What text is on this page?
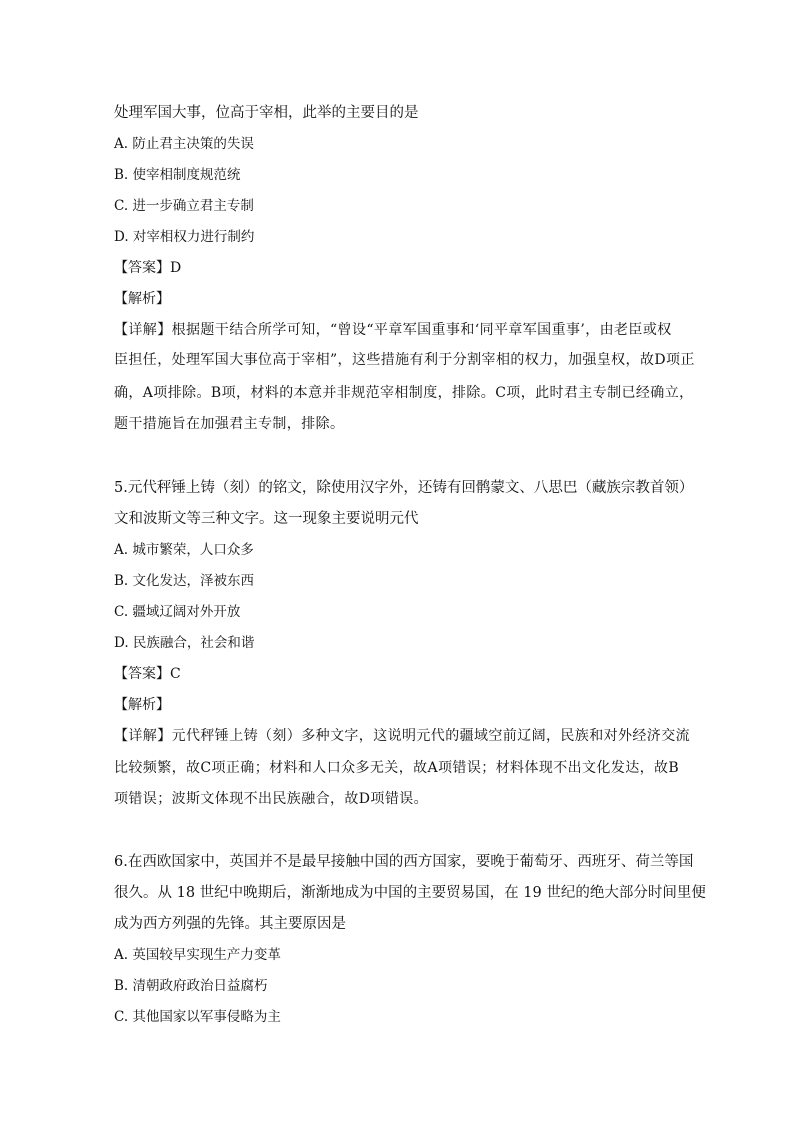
处理军国大事，位高于宰相，此举的主要目的是
A. 防止君主决策的失误
B. 使宰相制度规范统
C. 进一步确立君主专制
D. 对宰相权力进行制约
【答案】D
【解析】
【详解】根据题干结合所学可知，“曾设“平章军国重事和‘同平章军国重事’，由老臣或权
臣担任，处理军国大事位高于宰相”，这些措施有利于分割宰相的权力，加强皇权，故D项正
确，A项排除。B项，材料的本意并非规范宰相制度，排除。C项，此时君主专制已经确立，
题干措施旨在加强君主专制，排除。
5.元代秤锤上铸（刻）的铭文，除使用汉字外，还铸有回鹘蒙文、八思巴（藏族宗教首领）
文和波斯文等三种文字。这一现象主要说明元代
A. 城市繁荣，人口众多
B. 文化发达，泽被东西
C. 疆域辽阔对外开放
D. 民族融合，社会和谐
【答案】C
【解析】
【详解】元代秤锤上铸（刻）多种文字，这说明元代的疆域空前辽阔，民族和对外经济交流
比较频繁，故C项正确；材料和人口众多无关，故A项错误；材料体现不出文化发达，故B
项错误；波斯文体现不出民族融合，故D项错误。
6.在西欧国家中，英国并不是最早接触中国的西方国家，要晚于葡萄牙、西班牙、荷兰等国
很久。从 18 世纪中晚期后，渐渐地成为中国的主要贸易国，在 19 世纪的绝大部分时间里便
成为西方列强的先锋。其主要原因是
A. 英国较早实现生产力变革
B. 清朝政府政治日益腐朽
C. 其他国家以军事侵略为主
